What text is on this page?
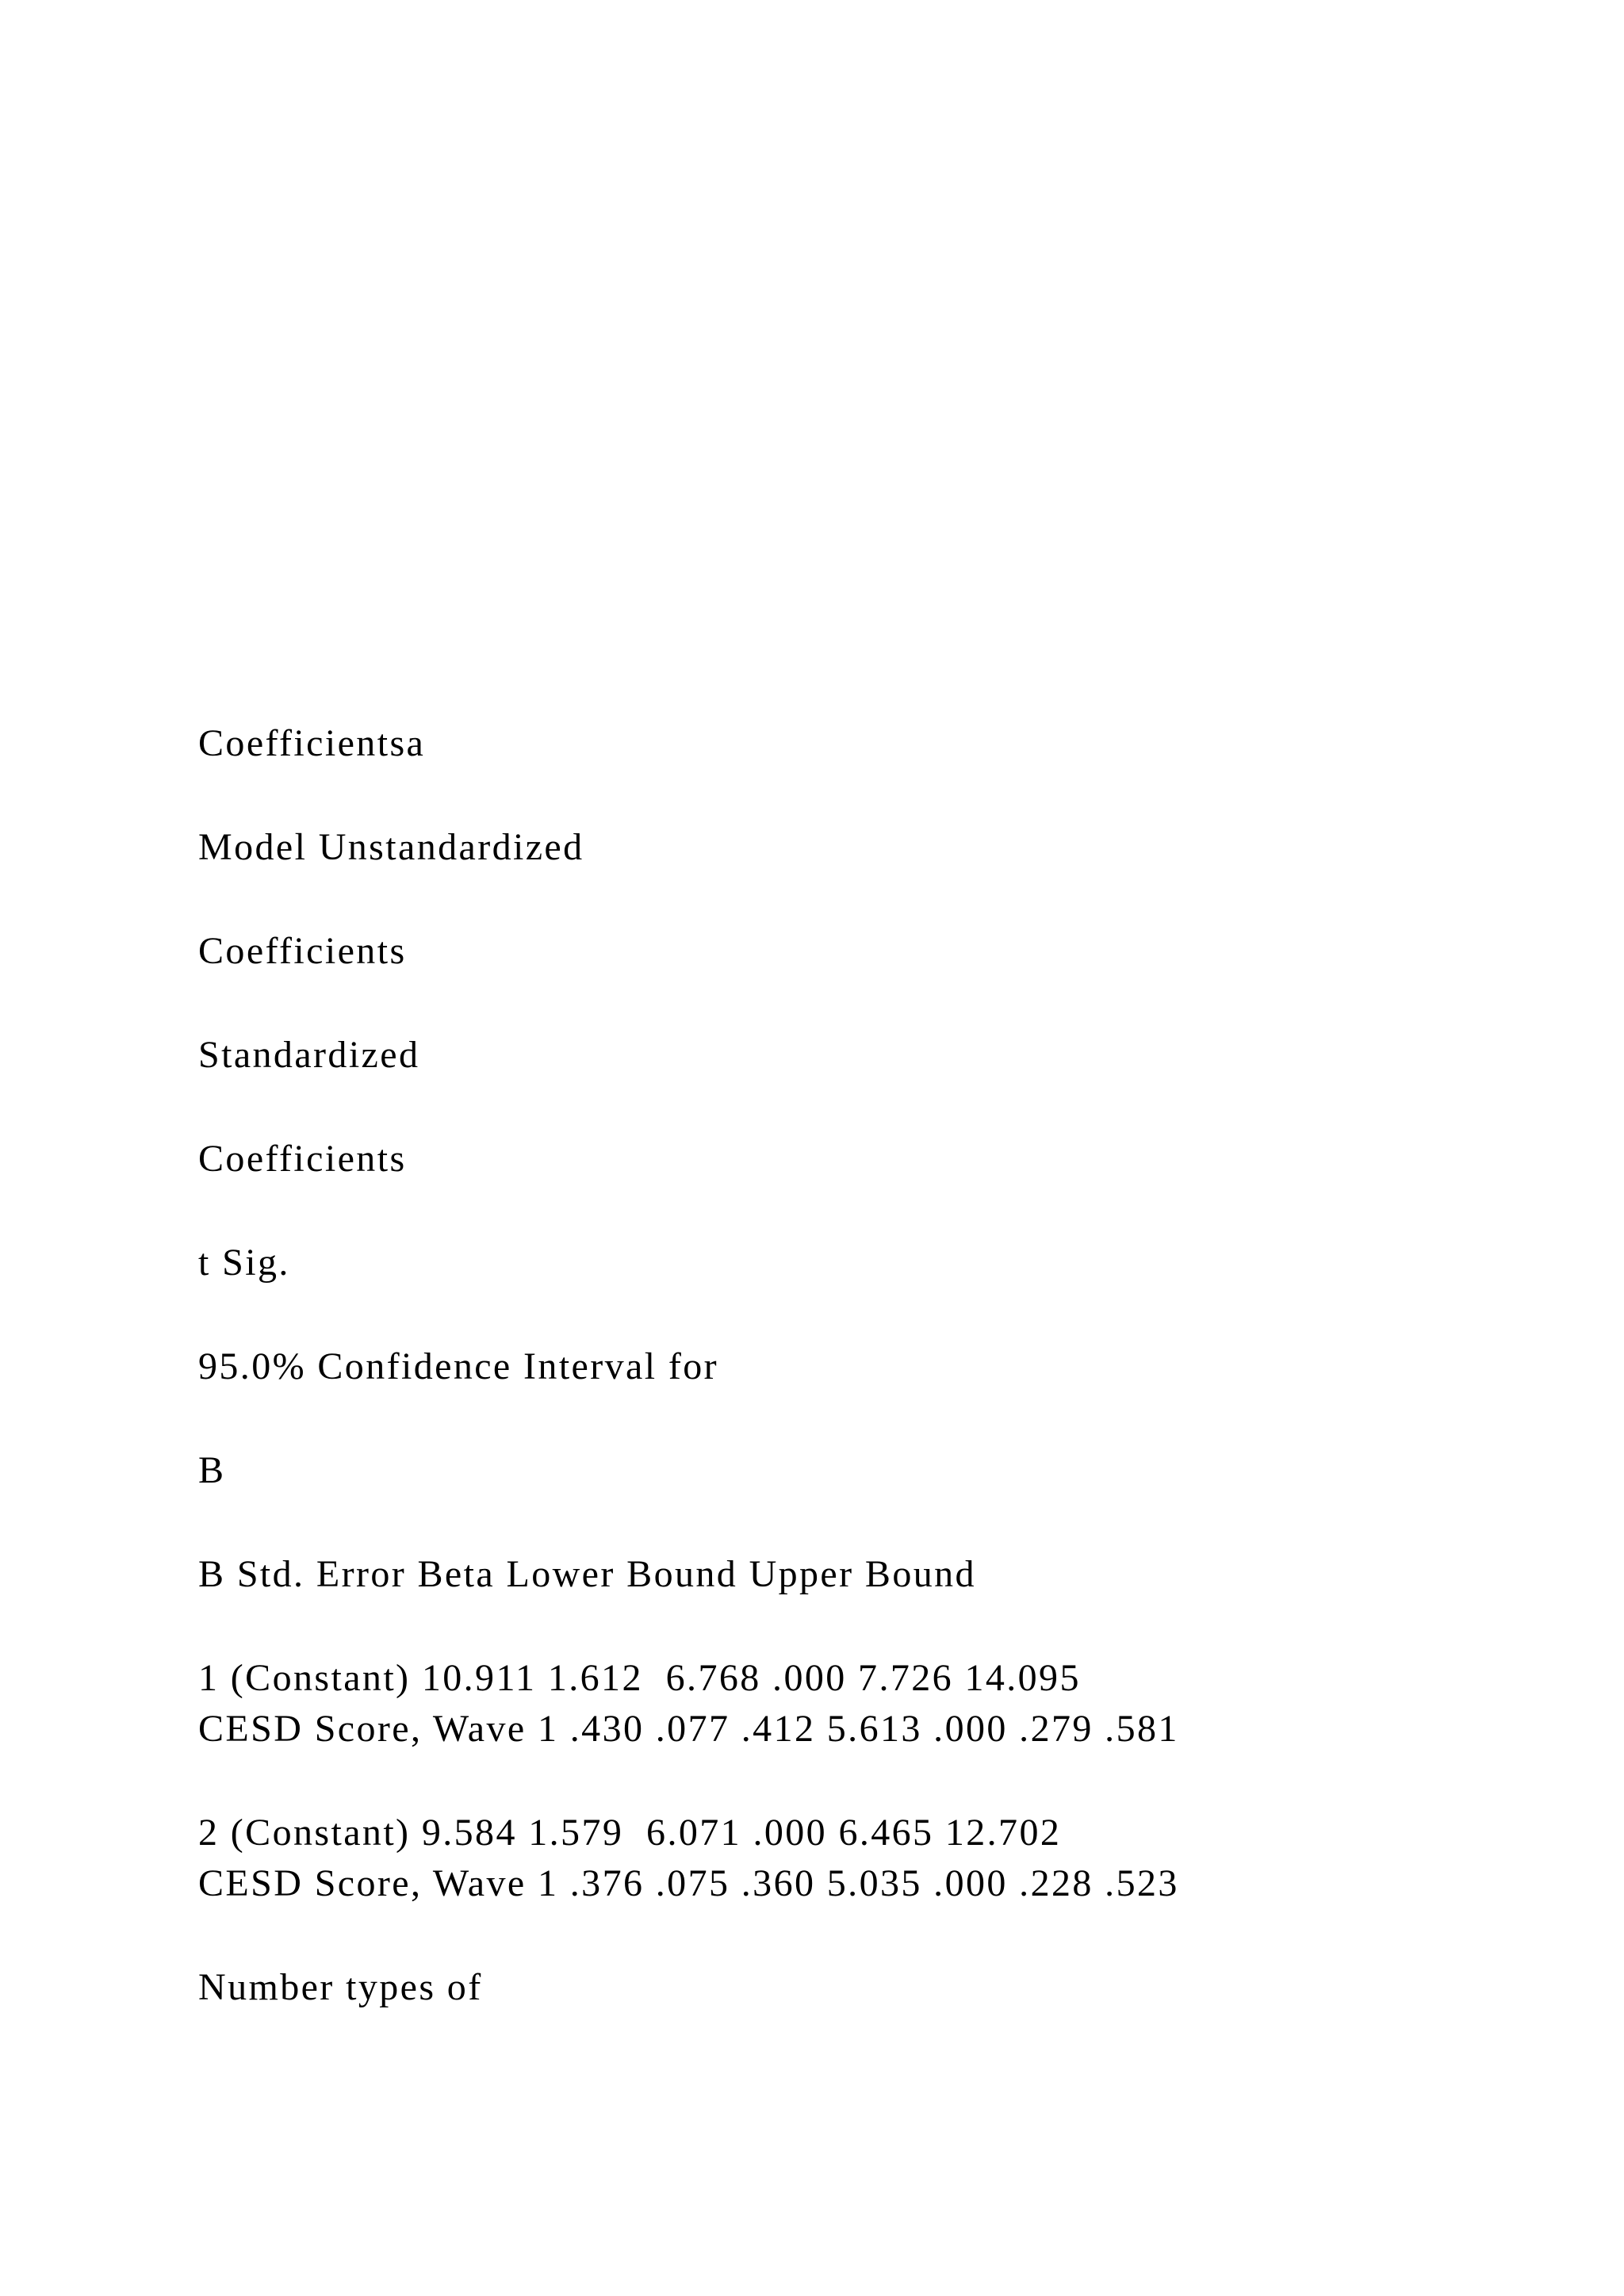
Coefficientsa

Model Unstandardized

Coefficients

Standardized

Coefficients

t Sig.

95.0% Confidence Interval for

B

B Std. Error Beta Lower Bound Upper Bound

1 (Constant) 10.911 1.612  6.768 .000 7.726 14.095

CESD Score, Wave 1 .430 .077 .412 5.613 .000 .279 .581

2 (Constant) 9.584 1.579  6.071 .000 6.465 12.702

CESD Score, Wave 1 .376 .075 .360 5.035 .000 .228 .523

Number types of
